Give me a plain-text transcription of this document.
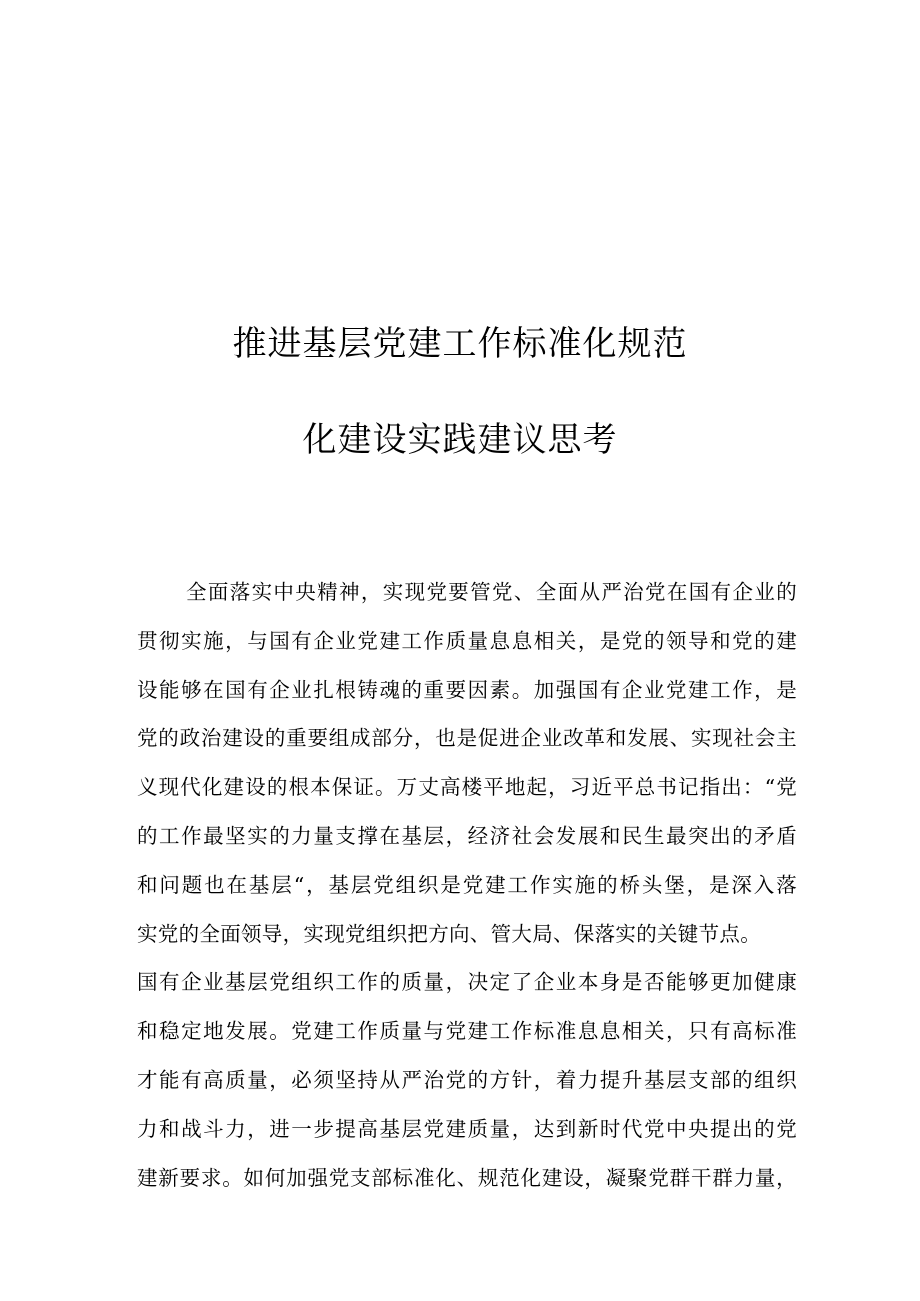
推进基层党建工作标准化规范
化建设实践建议思考
全面落实中央精神，实现党要管党、全面从严治党在国有企业的
贯彻实施，与国有企业党建工作质量息息相关，是党的领导和党的建
设能够在国有企业扎根铸魂的重要因素。加强国有企业党建工作，是
党的政治建设的重要组成部分，也是促进企业改革和发展、实现社会主
义现代化建设的根本保证。万丈高楼平地起，习近平总书记指出：“党
的工作最坚实的力量支撑在基层，经济社会发展和民生最突出的矛盾
和问题也在基层“，基层党组织是党建工作实施的桥头堡，是深入落
实党的全面领导，实现党组织把方向、管大局、保落实的关键节点。
国有企业基层党组织工作的质量，决定了企业本身是否能够更加健康
和稳定地发展。党建工作质量与党建工作标准息息相关，只有高标准
才能有高质量，必须坚持从严治党的方针，着力提升基层支部的组织
力和战斗力，进一步提高基层党建质量，达到新时代党中央提出的党
建新要求。如何加强党支部标准化、规范化建设，凝聚党群干群力量，
